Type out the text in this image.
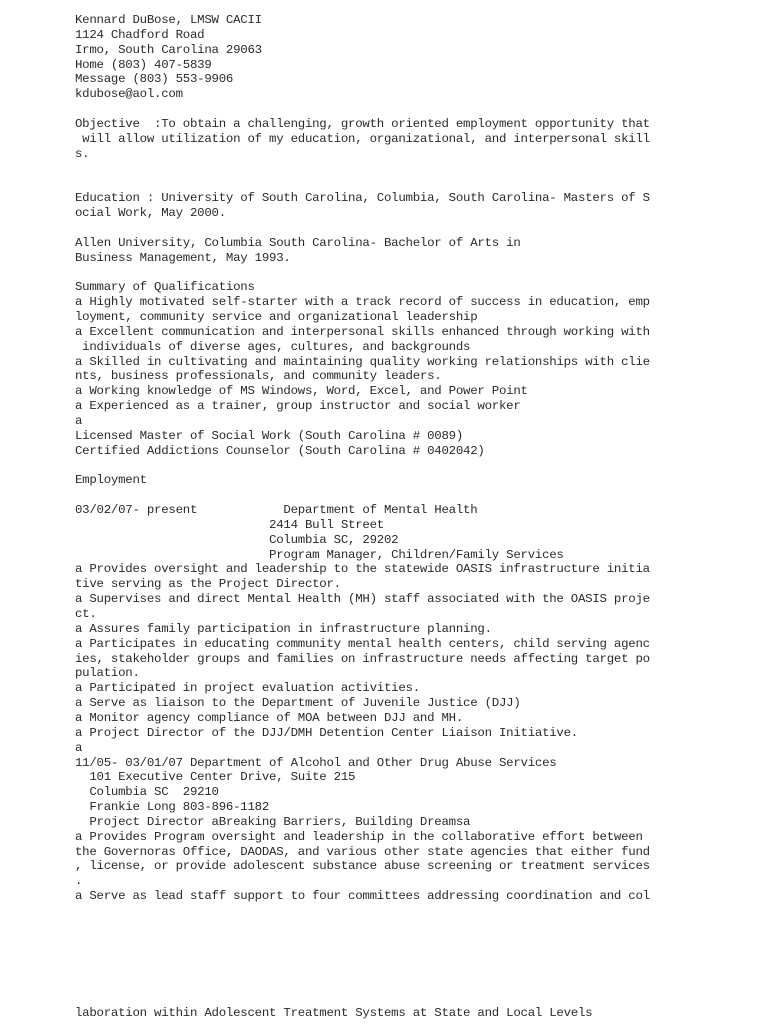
Kennard DuBose, LMSW CACII
1124 Chadford Road
Irmo, South Carolina 29063
Home (803) 407-5839
Message (803) 553-9906
kdubose@aol.com
Objective  :To obtain a challenging, growth oriented employment opportunity that
will allow utilization of my education, organizational, and interpersonal skill
s.
Education : University of South Carolina, Columbia, South Carolina- Masters of S
ocial Work, May 2000.
Allen University, Columbia South Carolina- Bachelor of Arts in
Business Management, May 1993.
Summary of Qualifications
a Highly motivated self-starter with a track record of success in education, emp
loyment, community service and organizational leadership
a Excellent communication and interpersonal skills enhanced through working with
individuals of diverse ages, cultures, and backgrounds
a Skilled in cultivating and maintaining quality working relationships with clie
nts, business professionals, and community leaders.
a Working knowledge of MS Windows, Word, Excel, and Power Point
a Experienced as a trainer, group instructor and social worker
a
Licensed Master of Social Work (South Carolina # 0089)
Certified Addictions Counselor (South Carolina # 0402042)
Employment
03/02/07- present            Department of Mental Health
2414 Bull Street
Columbia SC, 29202
Program Manager, Children/Family Services
a Provides oversight and leadership to the statewide OASIS infrastructure initia
tive serving as the Project Director.
a Supervises and direct Mental Health (MH) staff associated with the OASIS proje
ct.
a Assures family participation in infrastructure planning.
a Participates in educating community mental health centers, child serving agenc
ies, stakeholder groups and families on infrastructure needs affecting target po
pulation.
a Participated in project evaluation activities.
a Serve as liaison to the Department of Juvenile Justice (DJJ)
a Monitor agency compliance of MOA between DJJ and MH.
a Project Director of the DJJ/DMH Detention Center Liaison Initiative.
a
11/05- 03/01/07 Department of Alcohol and Other Drug Abuse Services
101 Executive Center Drive, Suite 215
Columbia SC  29210
Frankie Long 803-896-1182
Project Director aBreaking Barriers, Building Dreamsa
a Provides Program oversight and leadership in the collaborative effort between
the Governoras Office, DAODAS, and various other state agencies that either fund
, license, or provide adolescent substance abuse screening or treatment services
.
a Serve as lead staff support to four committees addressing coordination and col
laboration within Adolescent Treatment Systems at State and Local Levels
